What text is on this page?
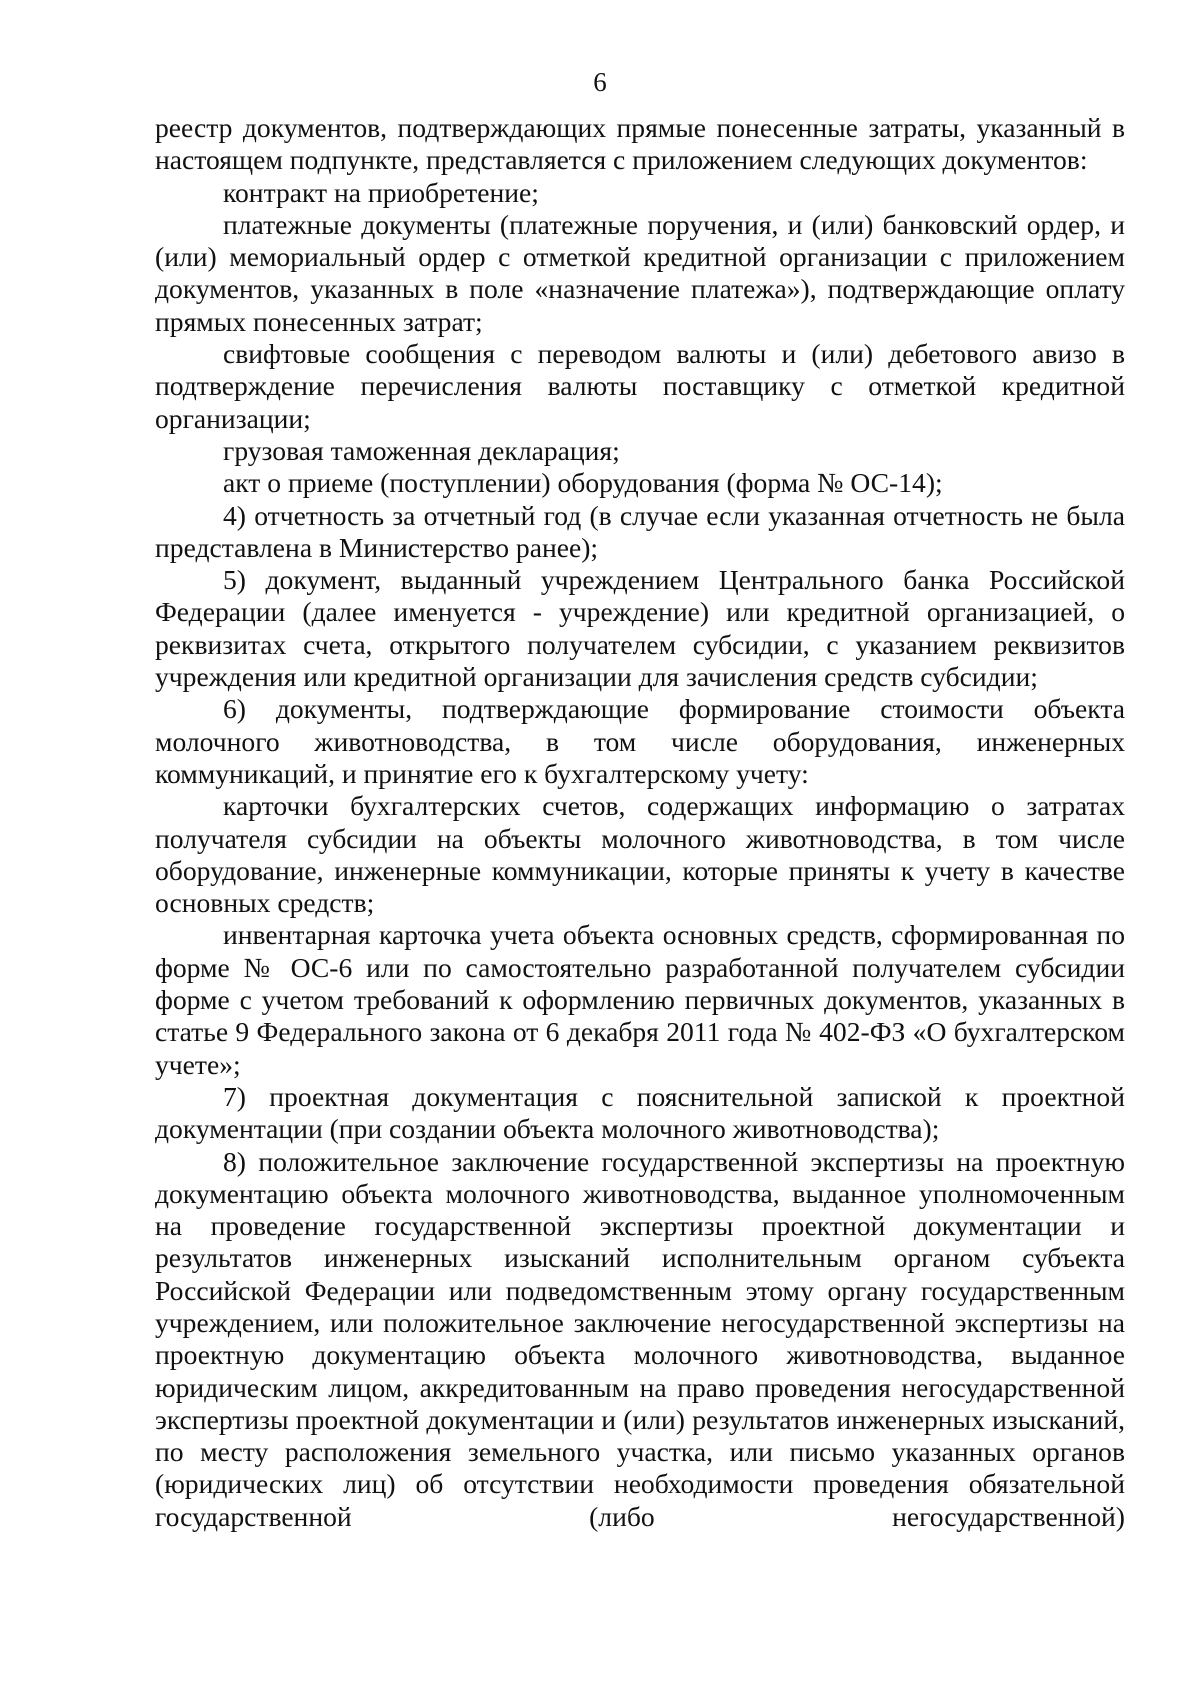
6

реестр документов, подтверждающих прямые понесенные затраты, указанный в настоящем подпункте, представляется с приложением следующих документов:

контракт на приобретение;

платежные документы (платежные поручения, и (или) банковский ордер, и (или) мемориальный ордер с отметкой кредитной организации с приложением документов, указанных в поле «назначение платежа»), подтверждающие оплату прямых понесенных затрат;

свифтовые сообщения с переводом валюты и (или) дебетового авизо в подтверждение перечисления валюты поставщику с отметкой кредитной организации;

грузовая таможенная декларация;

акт о приеме (поступлении) оборудования (форма № ОС-14);

4) отчетность за отчетный год (в случае если указанная отчетность не была представлена в Министерство ранее);

5) документ, выданный учреждением Центрального банка Российской Федерации (далее именуется - учреждение) или кредитной организацией, о реквизитах счета, открытого получателем субсидии, с указанием реквизитов учреждения или кредитной организации для зачисления средств субсидии;

6) документы, подтверждающие формирование стоимости объекта молочного животноводства, в том числе оборудования, инженерных коммуникаций, и принятие его к бухгалтерскому учету:

карточки бухгалтерских счетов, содержащих информацию о затратах получателя субсидии на объекты молочного животноводства, в том числе оборудование, инженерные коммуникации, которые приняты к учету в качестве основных средств;

инвентарная карточка учета объекта основных средств, сформированная по форме № ОС-6 или по самостоятельно разработанной получателем субсидии форме с учетом требований к оформлению первичных документов, указанных в статье 9 Федерального закона от 6 декабря 2011 года № 402-ФЗ «О бухгалтерском учете»;

7) проектная документация с пояснительной запиской к проектной документации (при создании объекта молочного животноводства);

8) положительное заключение государственной экспертизы на проектную документацию объекта молочного животноводства, выданное уполномоченным на проведение государственной экспертизы проектной документации и результатов инженерных изысканий исполнительным органом субъекта Российской Федерации или подведомственным этому органу государственным учреждением, или положительное заключение негосударственной экспертизы на проектную документацию объекта молочного животноводства, выданное юридическим лицом, аккредитованным на право проведения негосударственной экспертизы проектной документации и (или) результатов инженерных изысканий, по месту расположения земельного участка, или письмо указанных органов (юридических лиц) об отсутствии необходимости проведения обязательной государственной (либо негосударственной)
